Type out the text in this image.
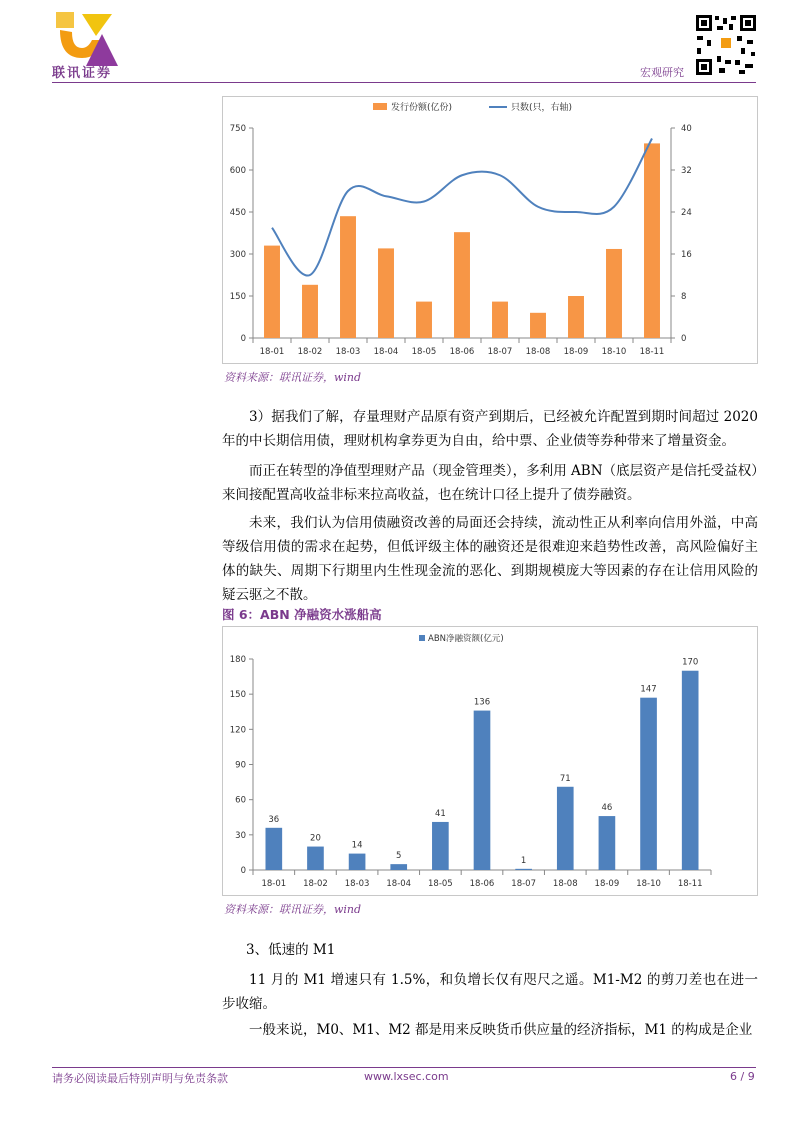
联讯证券	宏观研究
发行份额(亿份)	只数(只，右轴)
0
150
300
450
600
750
0
8
16
24
32
40
18-01 18-02 18-03 18-04 18-05 18-06 18-07 18-08 18-09 18-10 18-11
资料来源：联讯证券，wind
3）据我们了解，存量理财产品原有资产到期后，已经被允许配置到期时间超过 2020 年的中长期信用债，理财机构拿券更为自由，给中票、企业债等券种带来了增量资金。
而正在转型的净值型理财产品（现金管理类），多利用 ABN（底层资产是信托受益权）来间接配置高收益非标来拉高收益，也在统计口径上提升了债券融资。
未来，我们认为信用债融资改善的局面还会持续，流动性正从利率向信用外溢，中高等级信用债的需求在起势，但低评级主体的融资还是很难迎来趋势性改善，高风险偏好主体的缺失、周期下行期里内生性现金流的恶化、到期规模庞大等因素的存在让信用风险的疑云驱之不散。
图 6：ABN 净融资水涨船高
ABN净融资额(亿元)
0
30
60
90
120
150
180
18-01 18-02 18-03 18-04 18-05 18-06 18-07 18-08 18-09 18-10 18-11
36
20
14
5
41
136
1
71
46
147
170
资料来源：联讯证券，wind
3、低速的 M1
11 月的 M1 增速只有 1.5%，和负增长仅有咫尺之遥。M1-M2 的剪刀差也在进一步收缩。
一般来说，M0、M1、M2 都是用来反映货币供应量的经济指标，M1 的构成是企业
请务必阅读最后特别声明与免责条款	www.lxsec.com	6 / 9
